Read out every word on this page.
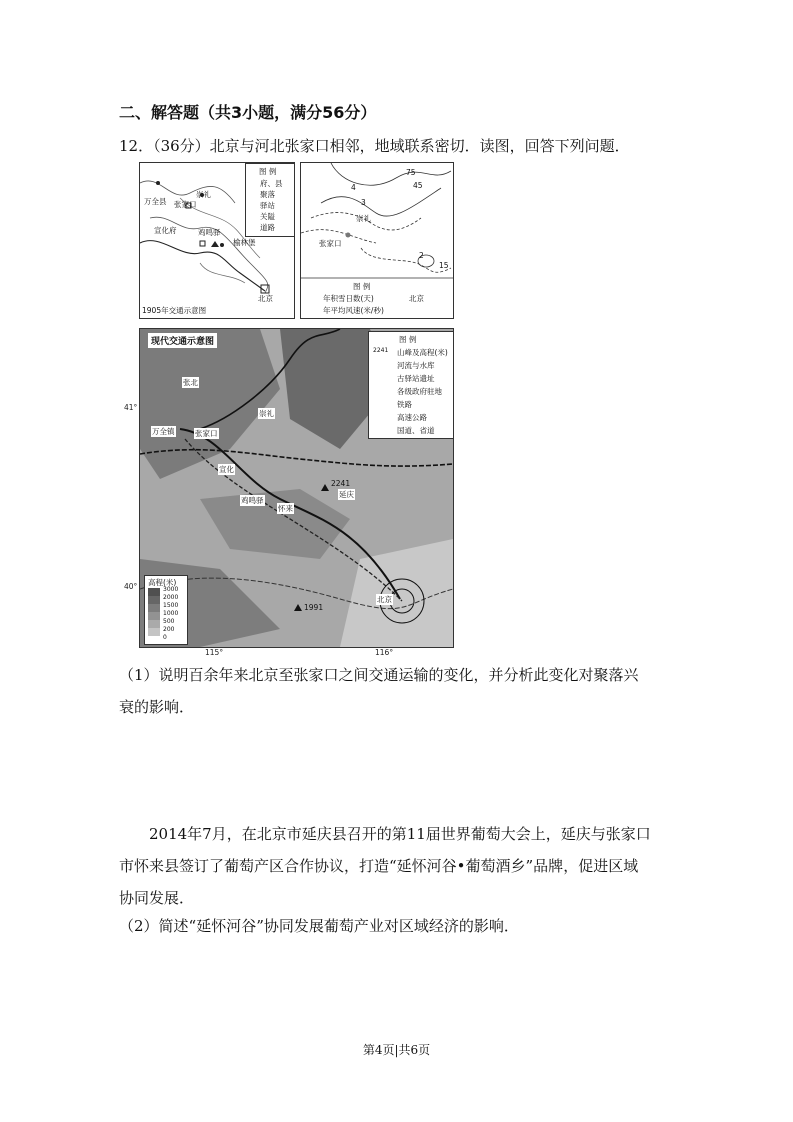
二、解答题（共3小题，满分56分）
12．（36分）北京与河北张家口相邻，地域联系密切．读图，回答下列问题．
图 例
府、县
聚落
驿站
关隘
道路
崇礼
万全县 张家口
宣化府	鸡鸣驿
榆林堡
北京
1905年交通示意图
75
45
4
3
2
15
崇礼
张家口
图 例
年积雪日数(天)
年平均风速(米/秒)
北京
现代交通示意图	图 例
2241 山峰及高程(米)
河流与水库
古驿站遗址
各级政府驻地
铁路
高速公路
国道、省道
张北
崇礼
万全镇	张家口
宣化
鸡鸣驿
怀来
延庆
北京
2241
1991
高程(米)
3000
2000
1500
1000
500
200
0
41°
40°
115°	116°
（1）说明百余年来北京至张家口之间交通运输的变化，并分析此变化对聚落兴
衰的影响．
2014年7月，在北京市延庆县召开的第11届世界葡萄大会上，延庆与张家口
市怀来县签订了葡萄产区合作协议，打造“延怀河谷•葡萄酒乡”品牌，促进区域
协同发展．
（2）简述“延怀河谷”协同发展葡萄产业对区域经济的影响．
第4页|共6页
